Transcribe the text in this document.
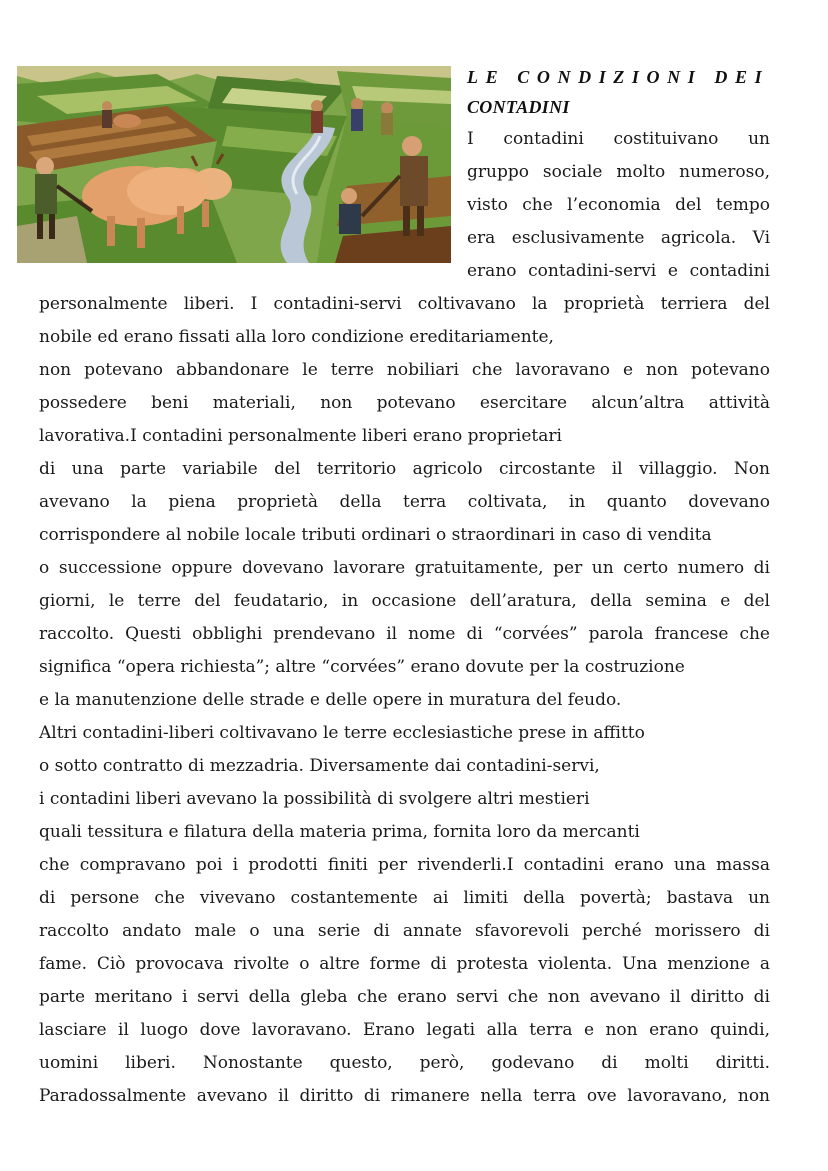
LE CONDIZIONI DEI
CONTADINI
I contadini costituivano un
gruppo sociale molto numeroso,
visto che l’economia del tempo
era esclusivamente agricola. Vi
erano contadini-servi e contadini
personalmente liberi. I contadini-servi coltivavano la proprietà terriera del
nobile ed erano fissati alla loro condizione ereditariamente,
non potevano abbandonare le terre nobiliari che lavoravano e non potevano
possedere beni materiali, non potevano esercitare alcun’altra attività
lavorativa.I contadini personalmente liberi erano proprietari
di una parte variabile del territorio agricolo circostante il villaggio. Non
avevano la piena proprietà della terra coltivata, in quanto dovevano
corrispondere al nobile locale tributi ordinari o straordinari in caso di vendita
o successione oppure dovevano lavorare gratuitamente, per un certo numero di
giorni, le terre del feudatario, in occasione dell’aratura, della semina e del
raccolto. Questi obblighi prendevano il nome di “corvées” parola francese che
significa “opera richiesta”; altre “corvées” erano dovute per la costruzione
e la manutenzione delle strade e delle opere in muratura del feudo.
Altri contadini-liberi coltivavano le terre ecclesiastiche prese in affitto
o sotto contratto di mezzadria. Diversamente dai contadini-servi,
i contadini liberi avevano la possibilità di svolgere altri mestieri
quali tessitura e filatura della materia prima, fornita loro da mercanti
che compravano poi i prodotti finiti per rivenderli.I contadini erano una massa
di persone che vivevano costantemente ai limiti della povertà; bastava un
raccolto andato male o una serie di annate sfavorevoli perché morissero di
fame. Ciò provocava rivolte o altre forme di protesta violenta. Una menzione a
parte meritano i servi della gleba che erano servi che non avevano il diritto di
lasciare il luogo dove lavoravano. Erano legati alla terra e non erano quindi,
uomini liberi. Nonostante questo, però, godevano di molti diritti.
Paradossalmente avevano il diritto di rimanere nella terra ove lavoravano, non
